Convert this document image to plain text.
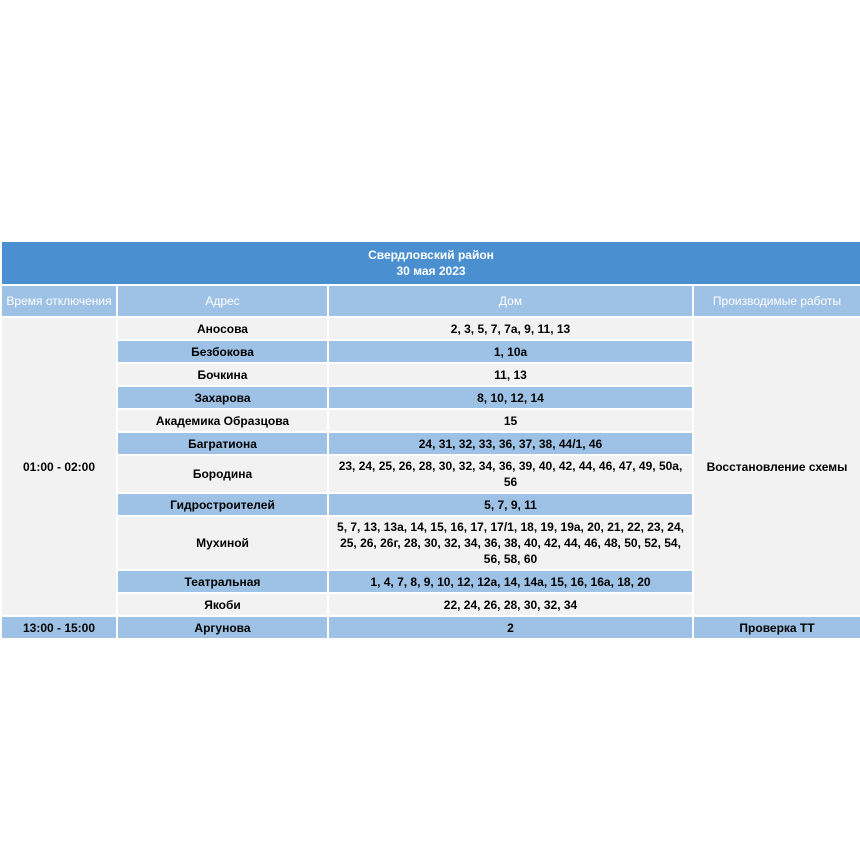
Свердловский район
30 мая 2023			

Время отключения	Адрес	Дом	Производимые работы
01:00 - 02:00	Аносова	2, 3, 5, 7, 7а, 9, 11, 13	Восстановление схемы
	Безбокова	1, 10а	
	Бочкина	11, 13	
	Захарова	8, 10, 12, 14	
	Академика Образцова	15	
	Багратиона	24, 31, 32, 33, 36, 37, 38, 44/1, 46	
	Бородина	23, 24, 25, 26, 28, 30, 32, 34, 36, 39, 40, 42, 44, 46, 47, 49, 50а, 56	
	Гидростроителей	5, 7, 9, 11	
	Мухиной	5, 7, 13, 13а, 14, 15, 16, 17, 17/1, 18, 19, 19а, 20, 21, 22, 23, 24, 25, 26, 26г, 28, 30, 32, 34, 36, 38, 40, 42, 44, 46, 48, 50, 52, 54, 56, 58, 60	
	Театральная	1, 4, 7, 8, 9, 10, 12, 12а, 14, 14а, 15, 16, 16а, 18, 20	
	Якоби	22, 24, 26, 28, 30, 32, 34	
13:00 - 15:00	Аргунова	2	Проверка ТТ
